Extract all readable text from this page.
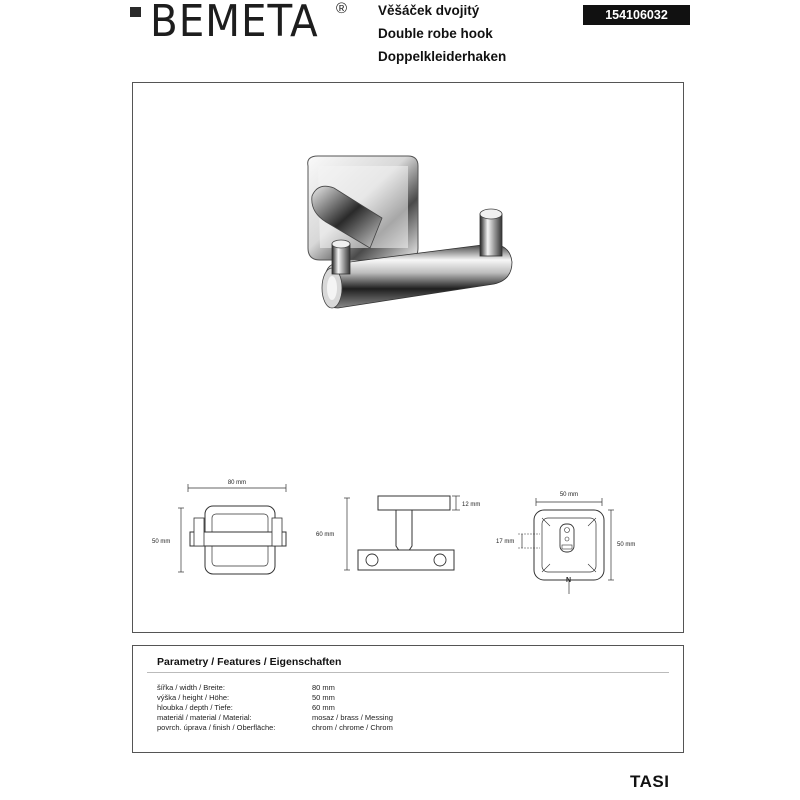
BEMETA ® Věšáček dvojitý
Double robe hook
Doppelkleiderhaken
154106032
80 mm
50 mm
60 mm
12 mm
50 mm
17 mm	50 mm
N
Parametry / Features / Eigenschaften
šířka / width / Breite:	80 mm
výška / height / Höhe:	50 mm
hloubka / depth / Tiefe:	60 mm
materiál / material / Material:	mosaz / brass / Messing
povrch. úprava / finish / Oberfläche:	chrom / chrome / Chrom
TASI
